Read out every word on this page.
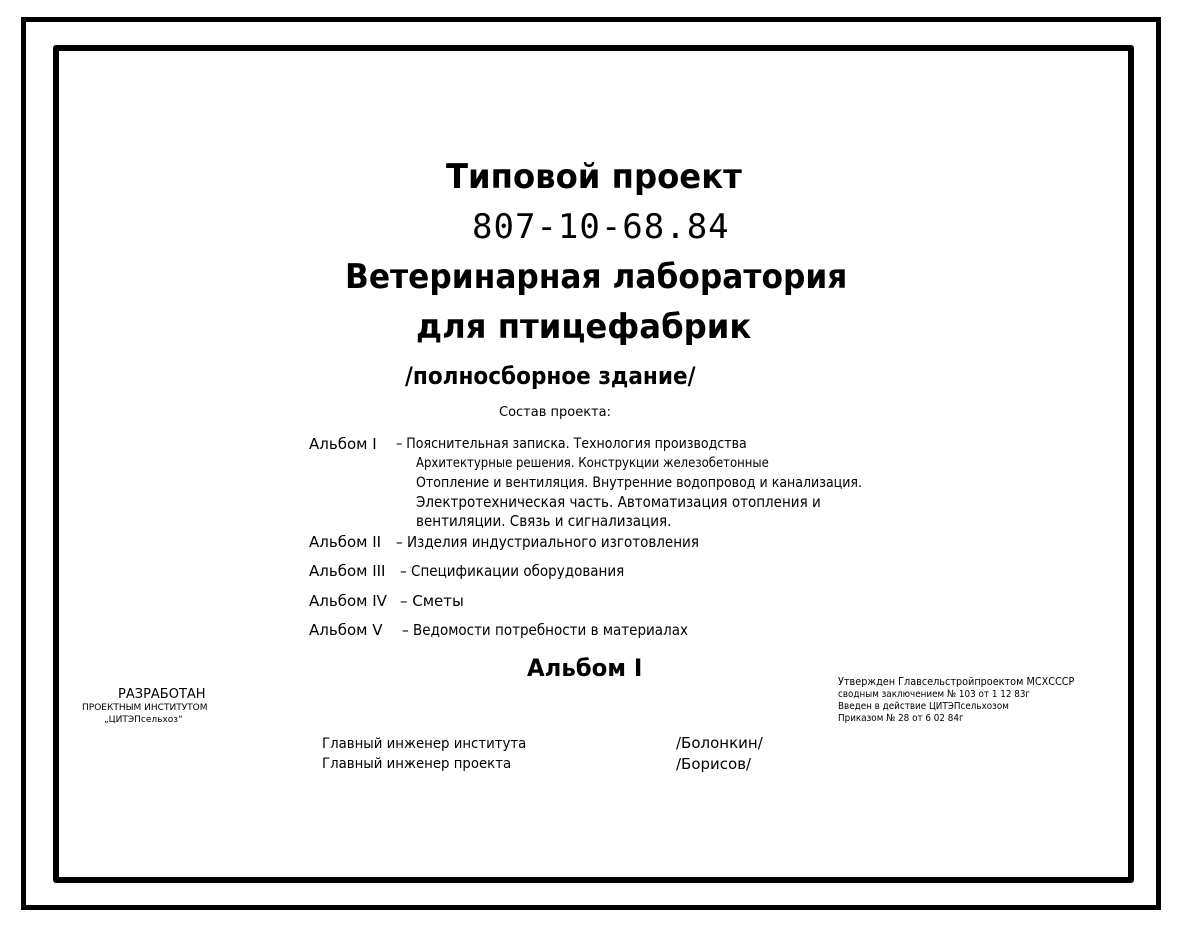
Типовой проект
807-10-68.84
Ветеринарная лаборатория
для птицефабрик
/полносборное здание/
Состав проекта:
Альбом I – Пояснительная записка. Технология производства
Архитектурные решения. Конструкции железобетонные
Отопление и вентиляция. Внутренние водопровод и канализация.
Электротехническая часть. Автоматизация отопления и
вентиляции. Связь и сигнализация.
Альбом II – Изделия индустриального изготовления
Альбом III – Спецификации оборудования
Альбом IV – Сметы
Альбом V – Ведомости потребности в материалах
Альбом I
РАЗРАБОТАН
ПРОЕКТНЫМ ИНСТИТУТОМ
„ЦИТЭПсельхоз“
Утвержден Главсельстройпроектом МСХСССР
сводным заключением № 103 от 1 12 83г
Введен в действие ЦИТЭПсельхозом
Приказом № 28 от 6 02 84г
Главный инженер института	/Болонкин/
Главный инженер проекта	/Борисов/
